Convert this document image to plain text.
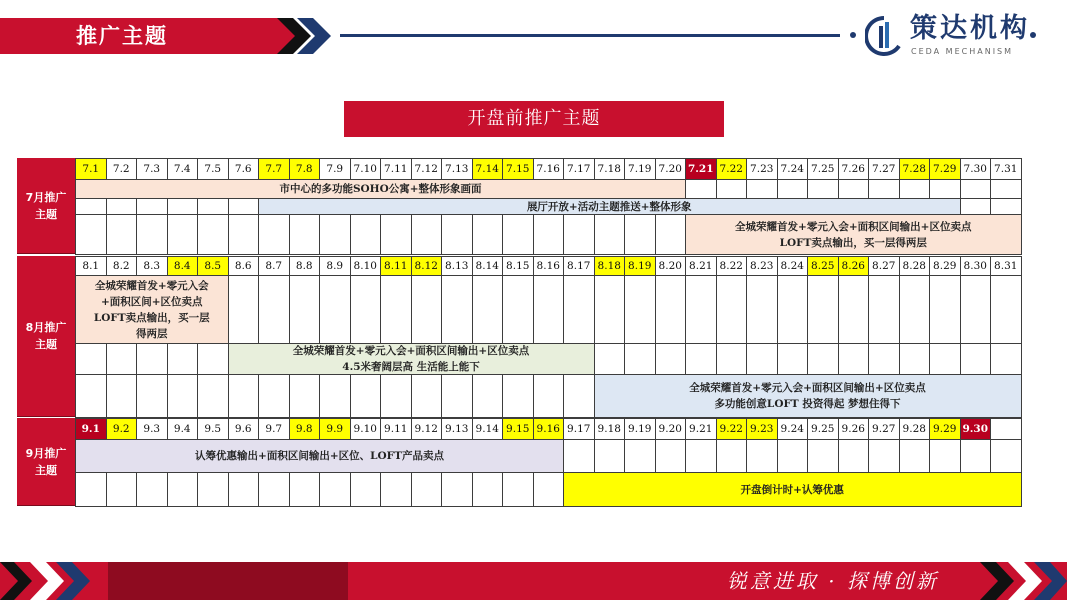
推广主题	策达机构
CEDA MECHANISM
开盘前推广主题
7月推广
主题
7.1	7.2	7.3	7.4	7.5	7.6	7.7	7.8	7.9 7.10 7.11 7.12 7.13 7.14 7.15 7.16 7.17 7.18 7.19 7.20 7.21 7.22 7.23 7.24 7.25 7.26 7.27 7.28 7.29 7.30 7.31
市中心的多功能SOHO公寓+整体形象画面
展厅开放+活动主题推送+整体形象
全城荣耀首发+零元入会+面积区间输出+区位卖点
LOFT卖点输出，买一层得两层
8月推广
主题
8.1	8.2	8.3	8.4	8.5	8.6	8.7	8.8	8.9 8.10 8.11 8.12 8.13 8.14 8.15 8.16 8.17 8.18 8.19 8.20 8.21 8.22 8.23 8.24 8.25 8.26 8.27 8.28 8.29 8.30 8.31
全城荣耀首发+零元入会
+面积区间+区位卖点
LOFT卖点输出，买一层
得两层
全城荣耀首发+零元入会+面积区间输出+区位卖点
4.5米奢阔层高 生活能上能下
全城荣耀首发+零元入会+面积区间输出+区位卖点
多功能创意LOFT 投资得起 梦想住得下
9月推广
主题
9.1	9.2	9.3	9.4	9.5	9.6	9.7	9.8	9.9 9.10 9.11 9.12 9.13 9.14 9.15 9.16 9.17 9.18 9.19 9.20 9.21 9.22 9.23 9.24 9.25 9.26 9.27 9.28 9.29 9.30
认筹优惠输出+面积区间输出+区位、LOFT产品卖点
开盘倒计时+认筹优惠
锐意进取 · 探博创新
